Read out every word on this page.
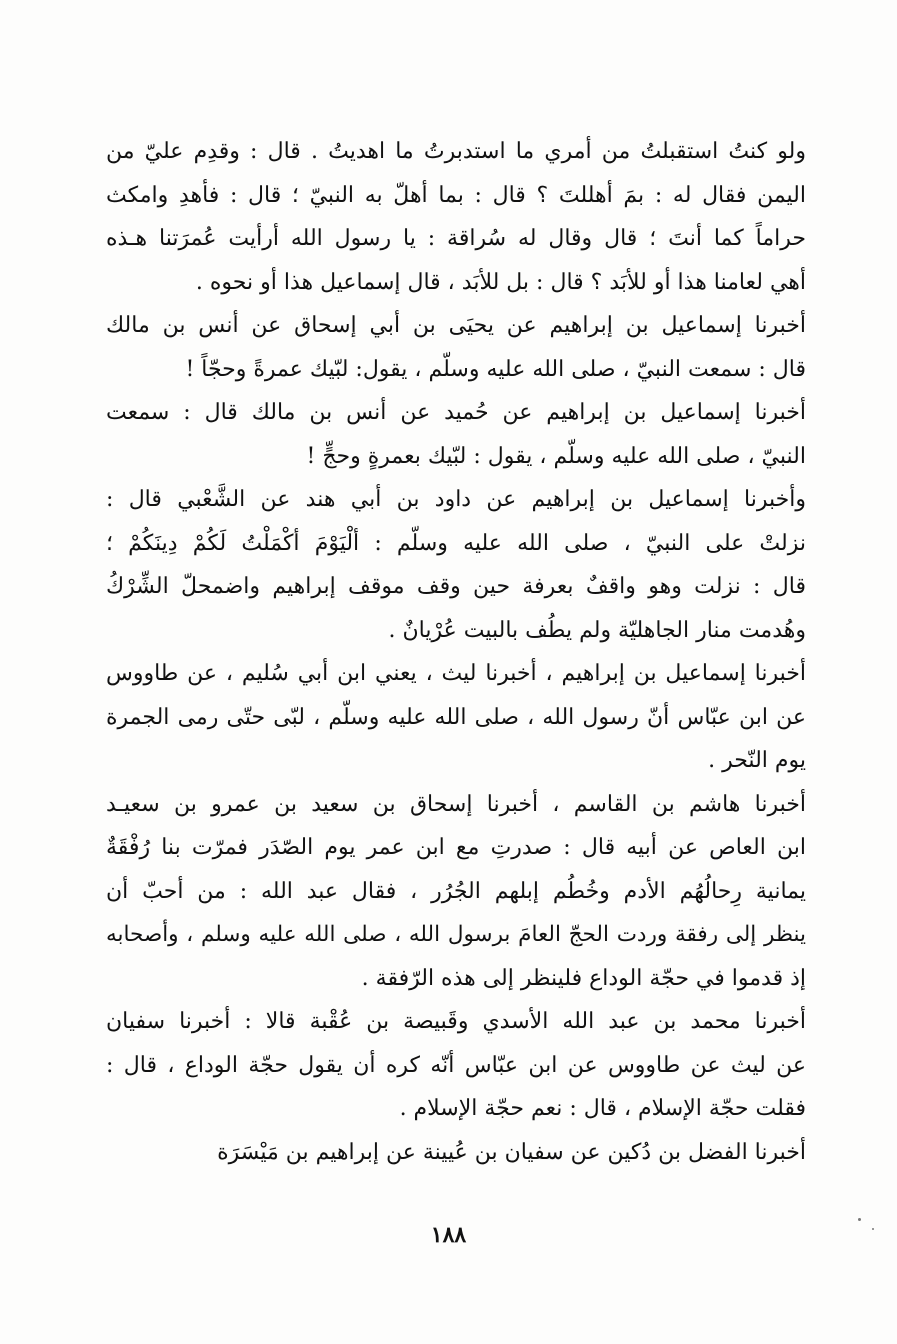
ولو كنتُ استقبلتُ من أمري ما استدبرتُ ما اهديتُ . قال : وقدِم عليّ من
اليمن فقال له : بمَ أهللتَ ؟ قال : بما أهلّ به النبيّ ؛ قال : فأهدِ وامكث
حراماً كما أنتَ ؛ قال وقال له سُراقة : يا رسول الله أرأيت عُمرَتنا هـذه
أهي لعامنا هذا أو للأبَد ؟ قال : بل للأبَد ، قال إسماعيل هذا أو نحوه .
أخبرنا إسماعيل بن إبراهيم عن يحيَى بن أبي إسحاق عن أنس بن مالك
قال : سمعت النبيّ ، صلى الله عليه وسلّم ، يقول: لبّيك عمرةً وحجّاً !
أخبرنا إسماعيل بن إبراهيم عن حُميد عن أنس بن مالك قال : سمعت
النبيّ ، صلى الله عليه وسلّم ، يقول : لبّيك بعمرةٍ وحجٍّ !
وأخبرنا إسماعيل بن إبراهيم عن داود بن أبي هند عن الشَّعْبي قال :
نزلتْ على النبيّ ، صلى الله عليه وسلّم : ألْيَوْمَ أكْمَلْتُ لَكُمْ دِينَكُمْ ؛
قال : نزلت وهو واقفٌ بعرفة حين وقف موقف إبراهيم واضمحلّ الشِّرْكُ
وهُدمت منار الجاهليّة ولم يطُف بالبيت عُرْيانٌ .
أخبرنا إسماعيل بن إبراهيم ، أخبرنا ليث ، يعني ابن أبي سُليم ، عن طاووس
عن ابن عبّاس أنّ رسول الله ، صلى الله عليه وسلّم ، لبّى حتّى رمى الجمرة
يوم النّحر .
أخبرنا هاشم بن القاسم ، أخبرنا إسحاق بن سعيد بن عمرو بن سعيـد
ابن العاص عن أبيه قال : صدرتِ مع ابن عمر يوم الصّدَر فمرّت بنا رُفْقَةٌ
يمانية رِحالُهُم الأدم وخُطُم إبلهم الجُرُر ، فقال عبد الله : من أحبّ أن
ينظر إلى رفقة وردت الحجّ العامَ برسول الله ، صلى الله عليه وسلم ، وأصحابه
إذ قدموا في حجّة الوداع فلينظر إلى هذه الرّفقة .
أخبرنا محمد بن عبد الله الأسدي وقَبيصة بن عُقْبة قالا : أخبرنا سفيان
عن ليث عن طاووس عن ابن عبّاس أنّه كره أن يقول حجّة الوداع ، قال :
فقلت حجّة الإسلام ، قال : نعم حجّة الإسلام .
أخبرنا الفضل بن دُكين عن سفيان بن عُيينة عن إبراهيم بن مَيْسَرَة
١٨٨
